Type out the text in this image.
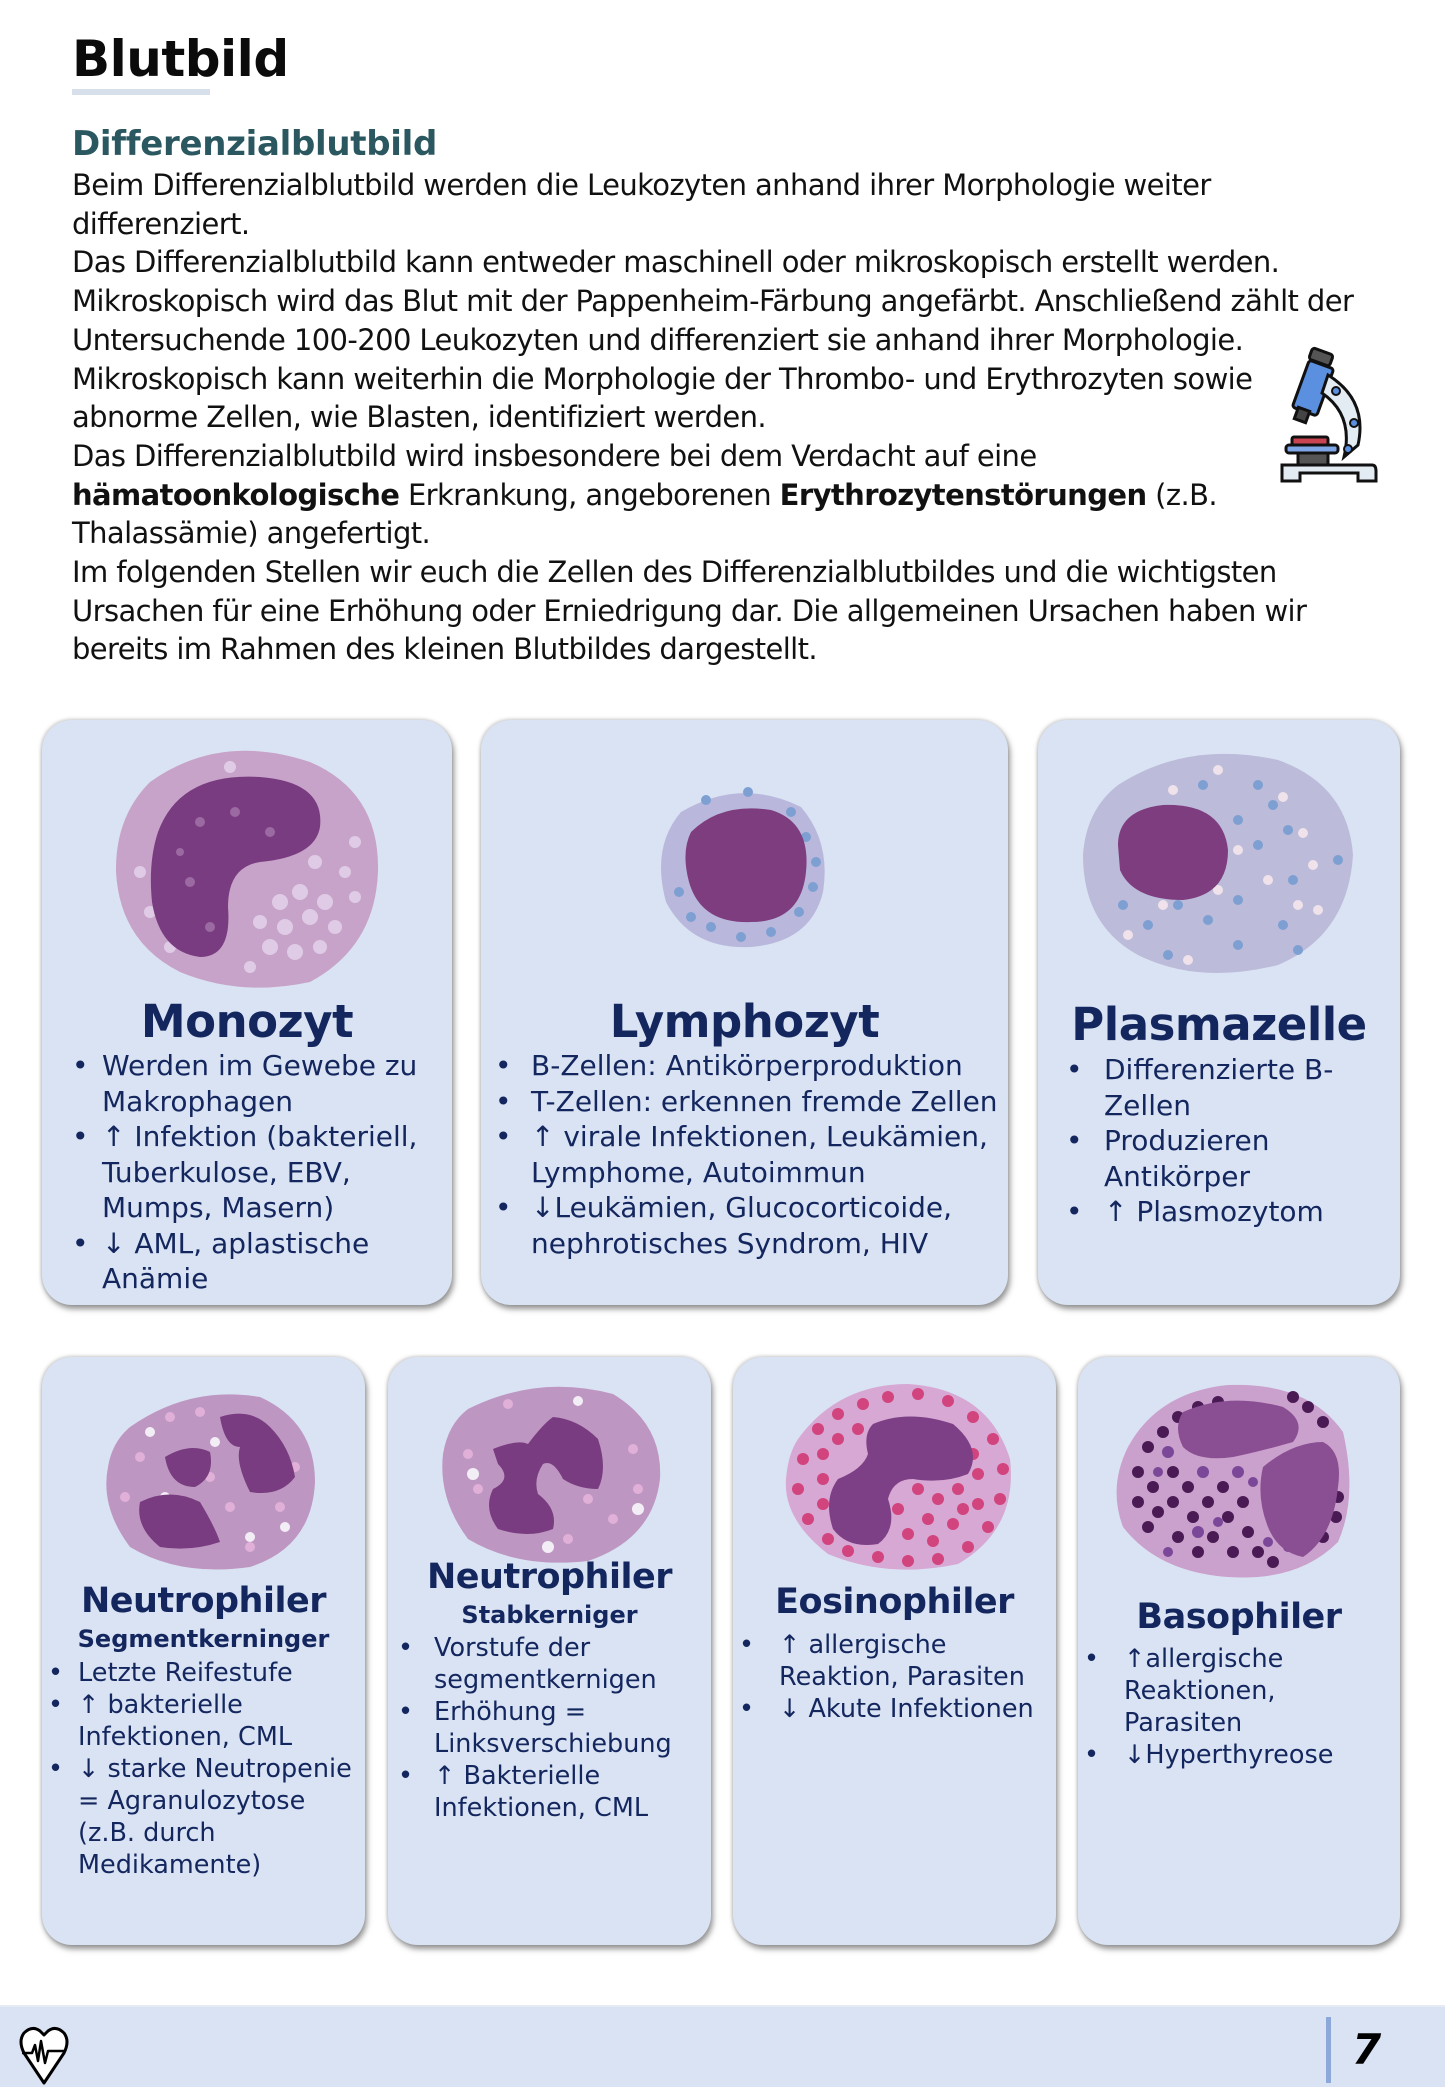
Blutbild
Differenzialblutbild

Beim Differenzialblutbild werden die Leukozyten anhand ihrer Morphologie weiter differenziert.

Das Differenzialblutbild kann entweder maschinell oder mikroskopisch erstellt werden. Mikroskopisch wird das Blut mit der Pappenheim-Färbung angefärbt. Anschließend zählt der Untersuchende 100-200 Leukozyten und differenziert sie anhand ihrer Morphologie. Mikroskopisch kann weiterhin die Morphologie der Thrombo- und Erythrozyten sowie abnorme Zellen, wie Blasten, identifiziert werden.

Das Differenzialblutbild wird insbesondere bei dem Verdacht auf eine hämatoonkologische Erkrankung, angeborenen Erythrozytenstörungen (z.B. Thalassämie) angefertigt.

Im folgenden Stellen wir euch die Zellen des Differenzialblutbildes und die wichtigsten Ursachen für eine Erhöhung oder Erniedrigung dar. Die allgemeinen Ursachen haben wir bereits im Rahmen des kleinen Blutbildes dargestellt.

Monozyt
• Werden im Gewebe zu Makrophagen
• ↑ Infektion (bakteriell, Tuberkulose, EBV, Mumps, Masern)
• ↓ AML, aplastische Anämie
Lymphozyt
• B-Zellen: Antikörperproduktion
• T-Zellen: erkennen fremde Zellen
• ↑ virale Infektionen, Leukämien, Lymphome, Autoimmun
• ↓Leukämien, Glucocorticoide, nephrotisches Syndrom, HIV
Plasmazelle
• Differenzierte B-Zellen
• Produzieren Antikörper
• ↑ Plasmozytom
Neutrophiler
Segmentkerninger
• Letzte Reifestufe
• ↑ bakterielle Infektionen, CML
• ↓ starke Neutropenie = Agranulozytose (z.B. durch Medikamente)
Neutrophiler
Stabkerniger
• Vorstufe der segmentkernigen
• Erhöhung = Linksverschiebung
• ↑ Bakterielle Infektionen, CML
Eosinophiler
• ↑ allergische Reaktion, Parasiten
• ↓ Akute Infektionen
Basophiler
• ↑allergische Reaktionen, Parasiten
• ↓Hyperthyreose
7
